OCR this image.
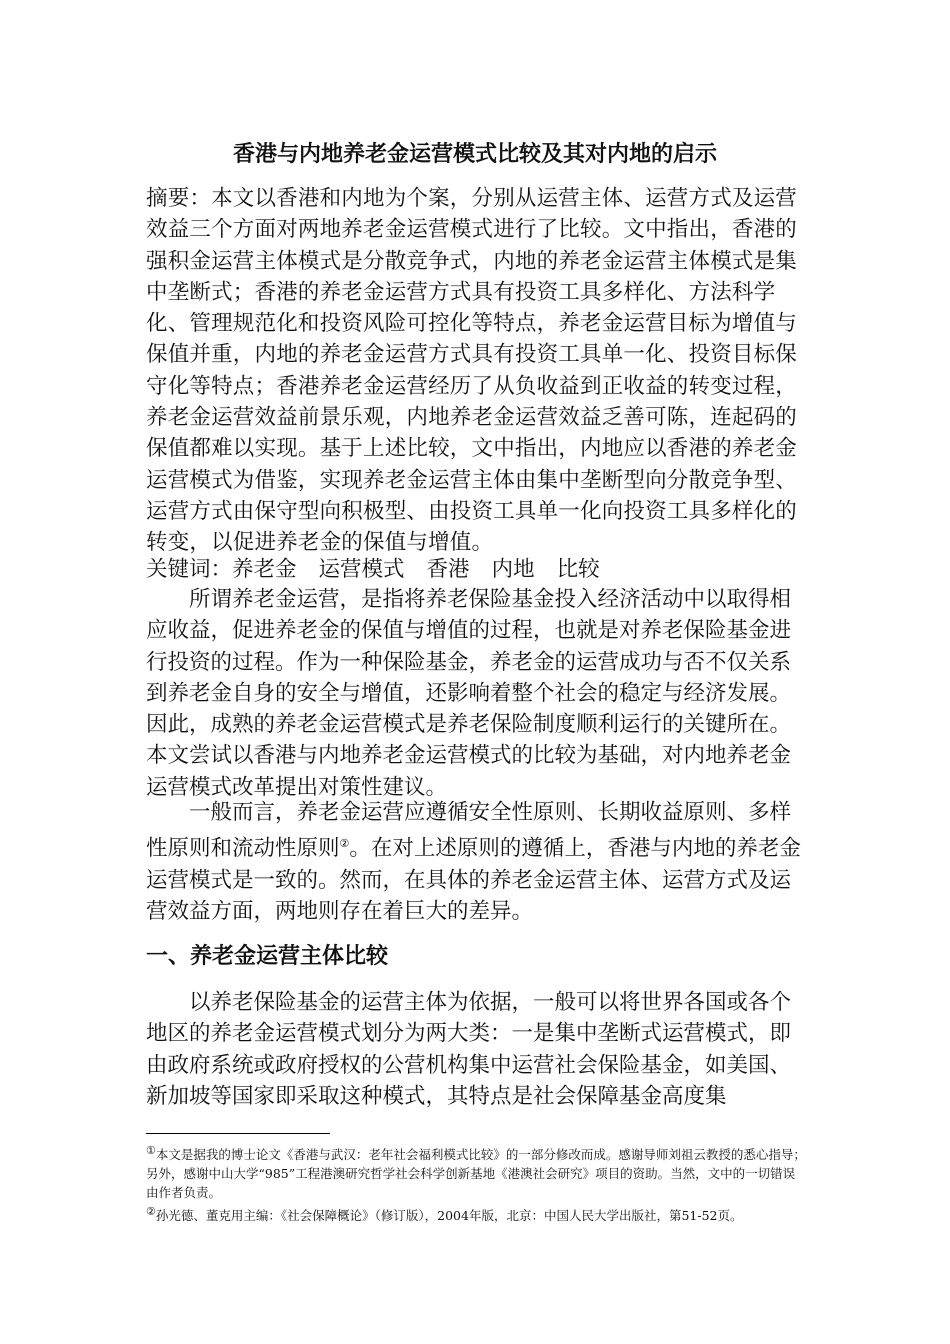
香港与内地养老金运营模式比较及其对内地的启示

摘要：本文以香港和内地为个案，分别从运营主体、运营方式及运营效益三个方面对两地养老金运营模式进行了比较。文中指出，香港的强积金运营主体模式是分散竞争式，内地的养老金运营主体模式是集中垄断式；香港的养老金运营方式具有投资工具多样化、方法科学化、管理规范化和投资风险可控化等特点，养老金运营目标为增值与保值并重，内地的养老金运营方式具有投资工具单一化、投资目标保守化等特点；香港养老金运营经历了从负收益到正收益的转变过程，养老金运营效益前景乐观，内地养老金运营效益乏善可陈，连起码的保值都难以实现。基于上述比较，文中指出，内地应以香港的养老金运营模式为借鉴，实现养老金运营主体由集中垄断型向分散竞争型、运营方式由保守型向积极型、由投资工具单一化向投资工具多样化的转变，以促进养老金的保值与增值。

关键词：养老金 运营模式 香港 内地 比较

所谓养老金运营，是指将养老保险基金投入经济活动中以取得相应收益，促进养老金的保值与增值的过程，也就是对养老保险基金进行投资的过程。作为一种保险基金，养老金的运营成功与否不仅关系到养老金自身的安全与增值，还影响着整个社会的稳定与经济发展。因此，成熟的养老金运营模式是养老保险制度顺利运行的关键所在。本文尝试以香港与内地养老金运营模式的比较为基础，对内地养老金运营模式改革提出对策性建议。

一般而言，养老金运营应遵循安全性原则、长期收益原则、多样性原则和流动性原则②。在对上述原则的遵循上，香港与内地的养老金运营模式是一致的。然而，在具体的养老金运营主体、运营方式及运营效益方面，两地则存在着巨大的差异。

一、养老金运营主体比较

以养老保险基金的运营主体为依据，一般可以将世界各国或各个地区的养老金运营模式划分为两大类：一是集中垄断式运营模式，即由政府系统或政府授权的公营机构集中运营社会保险基金，如美国、新加坡等国家即采取这种模式，其特点是社会保障基金高度集

①本文是据我的博士论文《香港与武汉：老年社会福利模式比较》的一部分修改而成。感谢导师刘祖云教授的悉心指导；另外，感谢中山大学“985”工程港澳研究哲学社会科学创新基地《港澳社会研究》项目的资助。当然，文中的一切错误由作者负责。

②孙光德、董克用主编：《社会保障概论》（修订版），2004年版，北京：中国人民大学出版社，第51-52页。
